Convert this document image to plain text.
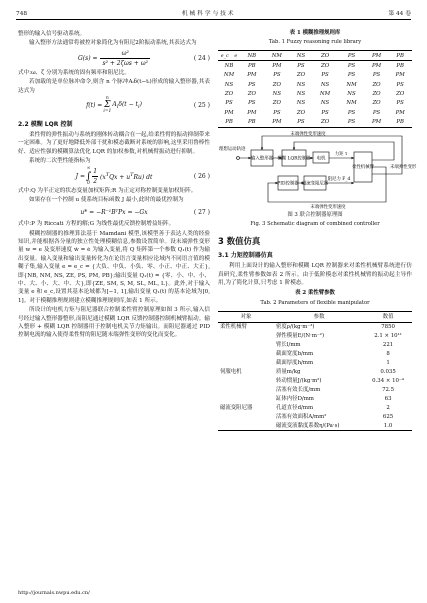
748	机 械 科 学 与 技 术	第 44 卷

整形的输入信号驱动系统。

输入整形方法通常将被控对象简化为有阻尼2阶振动系统,其表达式为

G(s) =
ω²
s² + 2ζωs + ω²
( 24 )

式中:ω、ζ 分别为系统的固有频率和阻尼比。

若加载的是单位脉冲命令,则含 n 个脉冲Aᵢδ(t−tᵢ)形成的输入整形器,其表达式为

f(t) =
n
Σ
i=1
$A_i\delta(t - t_i)$	( 25 )
2.2 模糊 LQR 控制

柔性臂的弹性振动与系统的刚体转动耦合在一起,给柔性臂的振动抑制带来一定困难。为了更好地降低外部干扰和模态截断对系统的影响,这里采用鲁棒性好、适应性强的模糊算法优化 LQR 的加权参数,对机械臂振动进行抑制。

系统的二次型性能指标为

J =
∞
∫
0
1
2
$(x^TQx + u^TRu)$ dt	( 26 )

式中:Q 为半正定的状态变量加权矩阵;R 为正定对称控制变量加权矩阵。

如果存在一个控制 u 使系统目标函数 J 最小,此时的最优控制为

u* = −R⁻¹BᵀPx = −Gx	( 27 )

式中:P 为 Riccati 方程的解;G 为线性最优反馈控制增益矩阵。

模糊控制器的推理算法基于 Mamdani 模型,该模型善于表达人类的经验知识,并能根据各分量的独立性处理模糊信息,参数设置简单。设末端弹性变形量 w = e 及变形速度 ẇ = ė 为输入变量,将 Q 矩阵第一个参数 Q₁(t) 作为输出变量。输入变量和输出变量转化为在论语言变量相应论域内不同语言值的模糊子集,输入变量 e = e_c = {大负、中负、小负、零、小正、中正、大正},即{NB, NM, NS, ZE, PS, PM, PB};输出变量 Q₁(t) = {零、小、中、小、中、大、小、大、中、大},即{ZE, SM, S, M, SL, ML, L}。此外,对于输入变量 e 和 e_c,设置其基本论域都为[−1, 1],输出变量 Q₁(t) 的基本论域为[0, 1]。对于模糊推理规则建立模糊推理规则库,如表 1 所示。

所设计的电机力矩与阻尼器联合控制柔性臂控制原理如图 3 所示,输入信号经过输入整形器整形,而阻尼通过模糊 LQR 反馈控制器控制机械臂振动。输入整形 + 模糊 LQR 控制器用于控制电机关节力矩输出。而阻尼器通过 PID 控制电流的输入使得柔性臂的阻尼随末端弹性变形的变化而变化。

表 1 模糊推理规则库
Tab. 1 Fuzzy reasoning rule library
e_c e	NB	NM	NS	ZO	PS	PM	PB
NB	PB	PM	PS	ZO	PS	PM	PB
NM	PM	PS	ZO	PS	PS	PS	PM
NS	PS	ZO	NS	NS	NM	ZO	PS
ZO	ZO	NS	NS	NM	NS	ZO	ZO
PS	PS	ZO	NS	NS	NM	ZO	PS
PM	PM	PS	ZO	PS	PS	PS	PM
PB	PB	PM	PS	ZO	PS	PM	PB
末端弹性变形速度
理想运动轨迹
输入整形器 模糊 LQR控制器 电机
力矩 τ
柔性机械臂
PID控制器 磁流变阻尼器
阻尼力 F_d
末端弹性变形
末端弹性变形速度
图 3 联合控制器原理图
Fig. 3 Schematic diagram of combined controller
3 数值仿真
3.1 力矩控制器仿真

利用上面设计的输入整形和模糊 LQR 控制器来对柔性机械臂系统进行仿真研究,柔性臂参数如表 2 所示。由于低阶模态对柔性机械臂的振动起主导作用,为了简化计算,只考虑 1 阶模态。

表 2 柔性臂参数
Tab. 2 Parameters of flexible manipulator
对象	参数	数值
柔性机械臂	密度ρ/(kg·m⁻³)	7850
	弹性模量E/(N·m⁻²)	2.1 × 10¹¹
	臂长l/mm	221
	截面宽度b/mm	8
	截面厚度h/mm	1
伺服电机	质量m/kg	0.035
	转动惯量J/(kg·m²)	0.34 × 10⁻⁴
	活塞有效长度/mm	72.5
	缸体内径D/mm	63
磁流变阻尼器	孔道直径d/mm	2
	活塞有效面积A/mm²	625
	磁流变液黏度系数η/(Pa·s)	1.0
http://journals.nwpu.edu.cn/
